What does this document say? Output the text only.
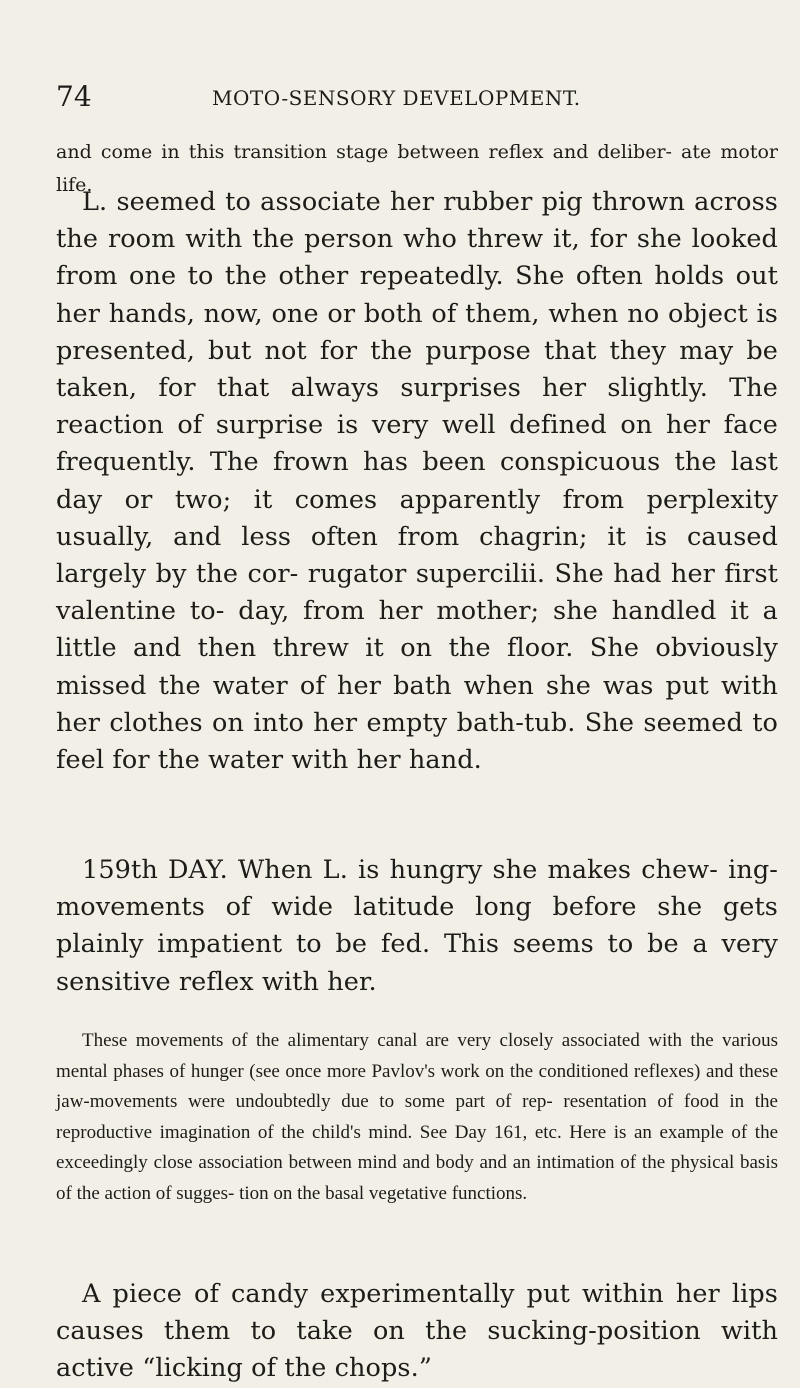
74	MOTO-SENSORY DEVELOPMENT.

and come in this transition stage between reflex and deliber- ate motor life.

L. seemed to associate her rubber pig thrown across the room with the person who threw it, for she looked from one to the other repeatedly. She often holds out her hands, now, one or both of them, when no object is presented, but not for the purpose that they may be taken, for that always surprises her slightly. The reaction of surprise is very well defined on her face frequently. The frown has been conspicuous the last day or two; it comes apparently from perplexity usually, and less often from chagrin; it is caused largely by the cor- rugator supercilii. She had her first valentine to- day, from her mother; she handled it a little and then threw it on the floor. She obviously missed the water of her bath when she was put with her clothes on into her empty bath-tub. She seemed to feel for the water with her hand.

159th DAY. When L. is hungry she makes chew- ing-movements of wide latitude long before she gets plainly impatient to be fed. This seems to be a very sensitive reflex with her.

These movements of the alimentary canal are very closely associated with the various mental phases of hunger (see once more Pavlov's work on the conditioned reflexes) and these jaw-movements were undoubtedly due to some part of rep- resentation of food in the reproductive imagination of the child's mind. See Day 161, etc. Here is an example of the exceedingly close association between mind and body and an intimation of the physical basis of the action of sugges- tion on the basal vegetative functions.

A piece of candy experimentally put within her lips causes them to take on the sucking-position with active “licking of the chops.”
